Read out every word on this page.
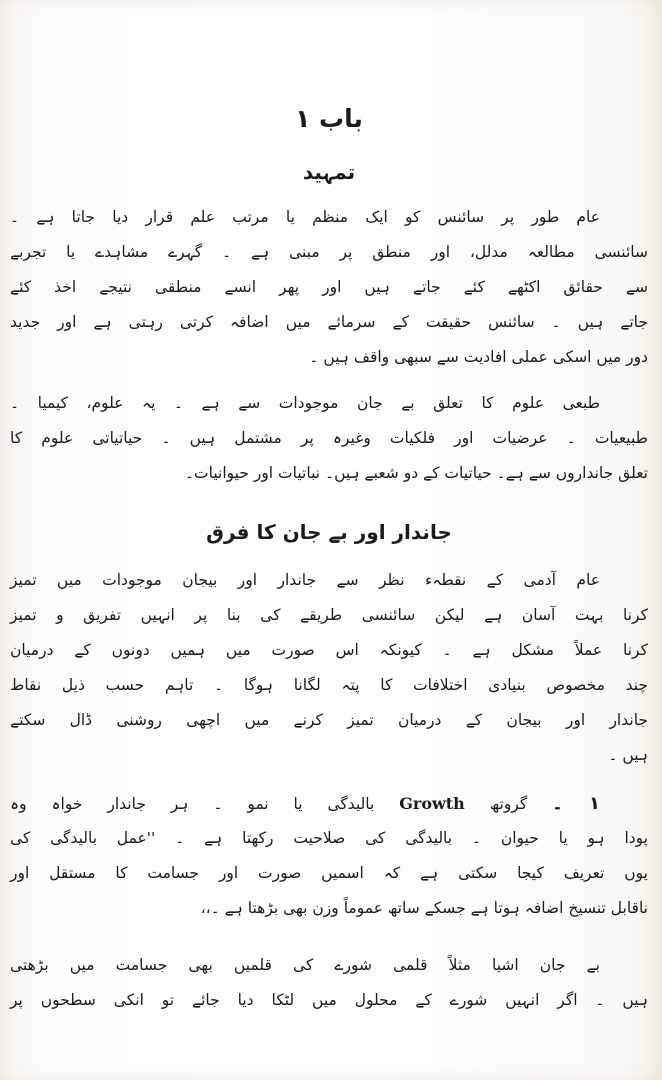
باب ۱
تمہید
عام طور پر سائنس کو ایک منظم یا مرتب علم قرار دیا جاتا ہے ۔
سائنسی مطالعہ مدلل، اور منطق پر مبنی ہے ۔ گہرے مشاہدے یا تجربے
سے حقائق اکٹھے کئے جاتے ہیں اور پھر انسے منطقی نتیجے اخذ کئے
جاتے ہیں ۔ سائنس حقیقت کے سرمائے میں اضافہ کرتی رہتی ہے اور جدید
دور میں اسکی عملی افادیت سے سبھی واقف ہیں ۔
طبعی علوم کا تعلق بے جان موجودات سے ہے ۔ یہ علوم، کیمیا ۔
طبیعیات ۔ عرضیات اور فلکیات وغیرہ پر مشتمل ہیں ۔ حیاتیاتی علوم کا
تعلق جانداروں سے ہے۔ حیاتیات کے دو شعبے ہیں۔ نباتیات اور حیوانیات۔
جاندار اور بے جان کا فرق
عام آدمی کے نقطہء نظر سے جاندار اور بیجان موجودات میں تمیز
کرنا بہت آسان ہے لیکن سائنسی طریقے کی بنا پر انہیں تفریق و تمیز
کرنا عملاً مشکل ہے ۔ کیونکہ اس صورت میں ہمیں دونوں کے درمیان
چند مخصوص بنیادی اختلافات کا پتہ لگانا ہوگا ۔ تاہم حسب ذیل نقاط
جاندار اور بیجان کے درمیان تمیز کرنے میں اچھی روشنی ڈال سکتے
ہیں ۔
۱ ۔ گروتھ Growth بالیدگی یا نمو ۔ ہر جاندار خواہ وہ
پودا ہو یا حیوان ۔ بالیدگی کی صلاحیت رکھتا ہے ۔ ''عمل بالیدگی کی
یوں تعریف کیجا سکتی ہے کہ اسمیں صورت اور جسامت کا مستقل اور
ناقابل تنسیخ اضافہ ہوتا ہے جسکے ساتھ عموماً وزن بھی بڑھتا ہے ۔،،
بے جان اشیا مثلاً قلمی شورے کی قلمیں بھی جسامت میں بڑھتی
ہیں ۔ اگر انہیں شورے کے محلول میں لٹکا دیا جائے تو انکی سطحوں پر
